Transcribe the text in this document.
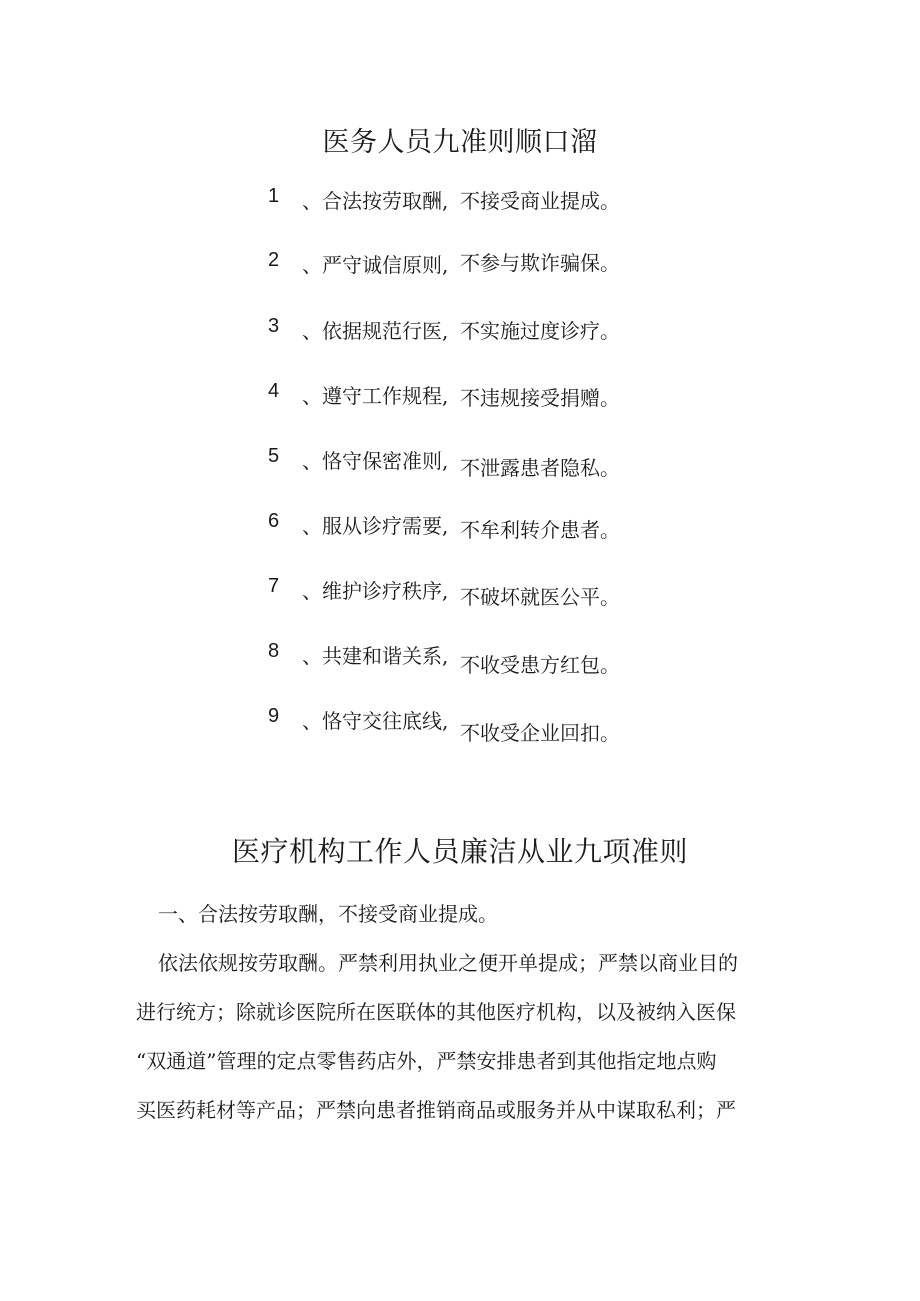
医务人员九准则顺口溜
1 、合法按劳取酬, 不接受商业提成。
2 、严守诚信原则, 不参与欺诈骗保。
3 、依据规范行医, 不实施过度诊疗。
4 、遵守工作规程, 不违规接受捐赠。
5 、恪守保密准则, 不泄露患者隐私。
6 、服从诊疗需要, 不牟利转介患者。
7 、维护诊疗秩序, 不破坏就医公平。
8 、共建和谐关系, 不收受患方红包。
9 、恪守交往底线, 不收受企业回扣。
医疗机构工作人员廉洁从业九项准则
一、合法按劳取酬，不接受商业提成。
依法依规按劳取酬。严禁利用执业之便开单提成；严禁以商业目的
进行统方；除就诊医院所在医联体的其他医疗机构，以及被纳入医保
“双通道”管理的定点零售药店外，严禁安排患者到其他指定地点购
买医药耗材等产品；严禁向患者推销商品或服务并从中谋取私利；严
